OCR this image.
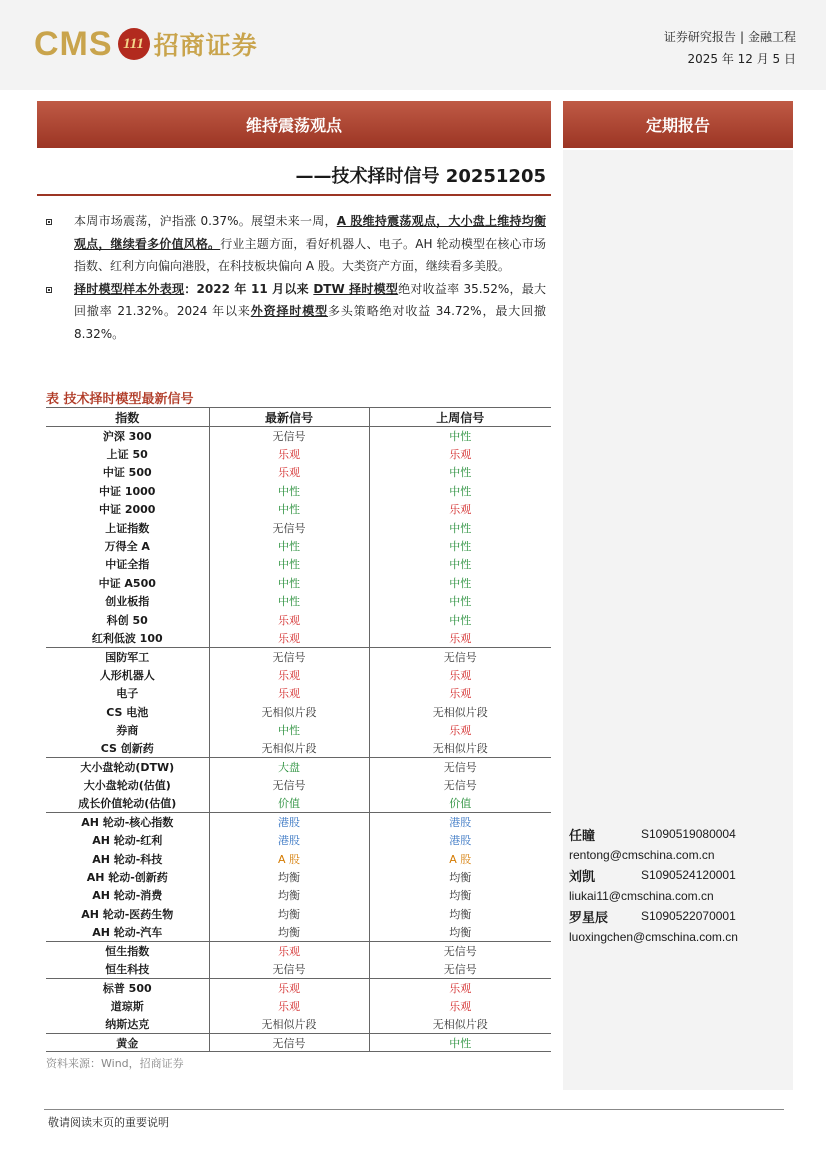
CMS 111 招商证券	证券研究报告 | 金融工程
2025 年 12 月 5 日
维持震荡观点
——技术择时信号 20251205
定期报告
本周市场震荡，沪指涨 0.37%。展望未来一周，A 股维持震荡观点，大小盘上维持均衡观点，继续看多价值风格。行业主题方面，看好机器人、电子。AH 轮动模型在核心市场指数、红利方向偏向港股，在科技板块偏向 A 股。大类资产方面，继续看多美股。
择时模型样本外表现：2022 年 11 月以来 DTW 择时模型绝对收益率 35.52%，最大回撤率 21.32%。2024 年以来外资择时模型多头策略绝对收益 34.72%，最大回撤 8.32%。
表 技术择时模型最新信号
指数	最新信号	上周信号
沪深 300	无信号	中性
上证 50	乐观	乐观
中证 500	乐观	中性
中证 1000	中性	中性
中证 2000	中性	乐观
上证指数	无信号	中性
万得全 A	中性	中性
中证全指	中性	中性
中证 A500	中性	中性
创业板指	中性	中性
科创 50	乐观	中性
红利低波 100	乐观	乐观
国防军工	无信号	无信号
人形机器人	乐观	乐观
电子	乐观	乐观
CS 电池	无相似片段	无相似片段
券商	中性	乐观
CS 创新药	无相似片段	无相似片段
大小盘轮动(DTW)	大盘	无信号
大小盘轮动(估值)	无信号	无信号
成长价值轮动(估值)	价值	价值
AH 轮动-核心指数	港股	港股
AH 轮动-红利	港股	港股
AH 轮动-科技	A 股	A 股
AH 轮动-创新药	均衡	均衡
AH 轮动-消费	均衡	均衡
AH 轮动-医药生物	均衡	均衡
AH 轮动-汽车	均衡	均衡
恒生指数	乐观	无信号
恒生科技	无信号	无信号
标普 500	乐观	乐观
道琼斯	乐观	乐观
纳斯达克	无相似片段	无相似片段
黄金	无信号	中性
资料来源：Wind，招商证券
任瞳	S1090519080004
rentong@cmschina.com.cn
刘凯	S1090524120001
liukai11@cmschina.com.cn
罗星辰	S1090522070001
luoxingchen@cmschina.com.cn
敬请阅读末页的重要说明
